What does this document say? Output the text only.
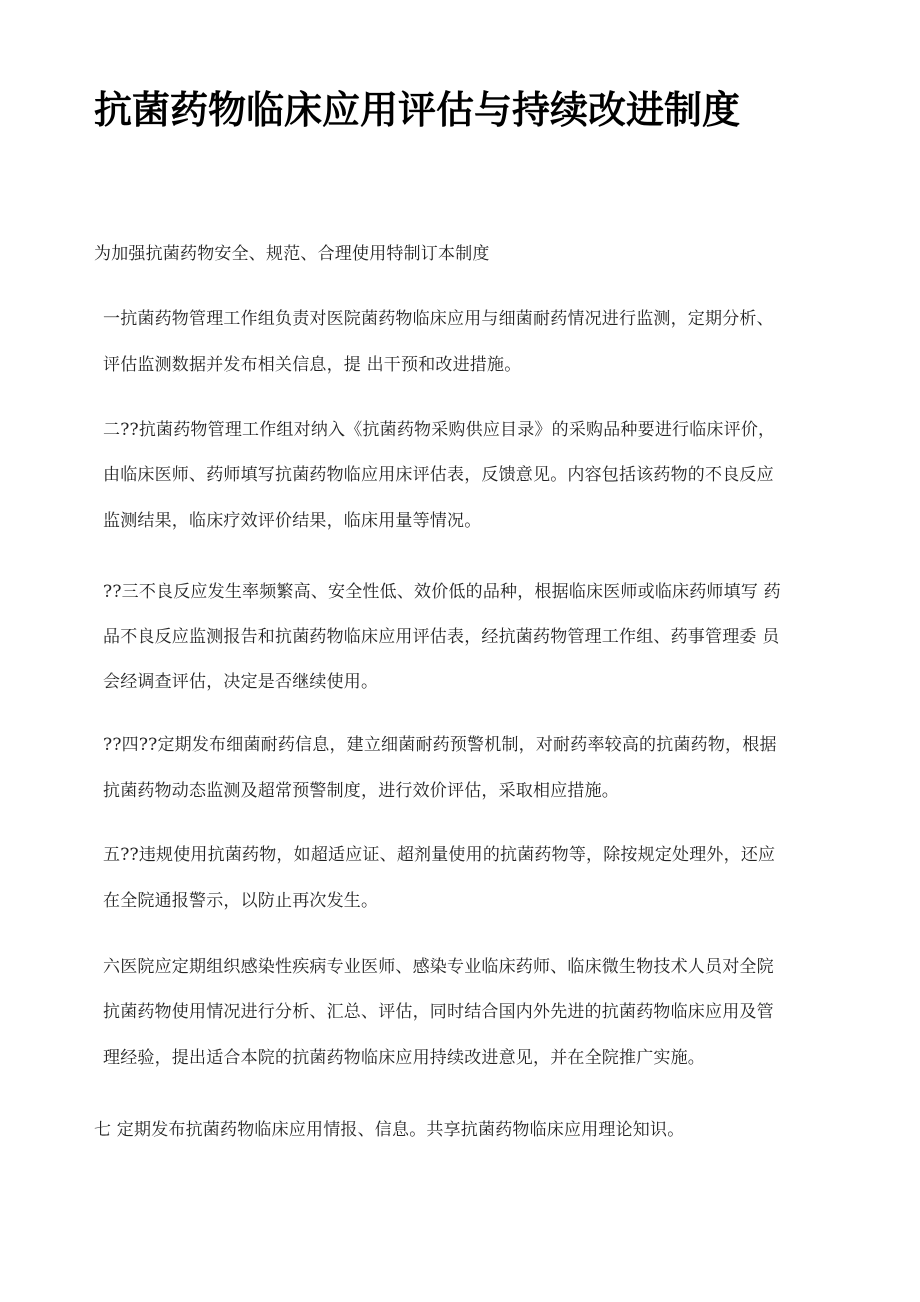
抗菌药物临床应用评估与持续改进制度
为加强抗菌药物安全、规范、合理使用特制订本制度
一抗菌药物管理工作组负责对医院菌药物临床应用与细菌耐药情况进行监测，定期分析、
评估监测数据并发布相关信息，提 出干预和改进措施。
二??抗菌药物管理工作组对纳入《抗菌药物采购供应目录》的采购品种要进行临床评价，
由临床医师、药师填写抗菌药物临应用床评估表，反馈意见。内容包括该药物的不良反应
监测结果，临床疗效评价结果，临床用量等情况。
??三不良反应发生率频繁高、安全性低、效价低的品种，根据临床医师或临床药师填写 药
品不良反应监测报告和抗菌药物临床应用评估表，经抗菌药物管理工作组、药事管理委 员
会经调查评估，决定是否继续使用。
??四??定期发布细菌耐药信息，建立细菌耐药预警机制，对耐药率较高的抗菌药物，根据
抗菌药物动态监测及超常预警制度，进行效价评估，采取相应措施。
五??违规使用抗菌药物，如超适应证、超剂量使用的抗菌药物等，除按规定处理外，还应
在全院通报警示，以防止再次发生。
六医院应定期组织感染性疾病专业医师、感染专业临床药师、临床微生物技术人员对全院
抗菌药物使用情况进行分析、汇总、评估，同时结合国内外先进的抗菌药物临床应用及管
理经验，提出适合本院的抗菌药物临床应用持续改进意见，并在全院推广实施。
七 定期发布抗菌药物临床应用情报、信息。共享抗菌药物临床应用理论知识。
